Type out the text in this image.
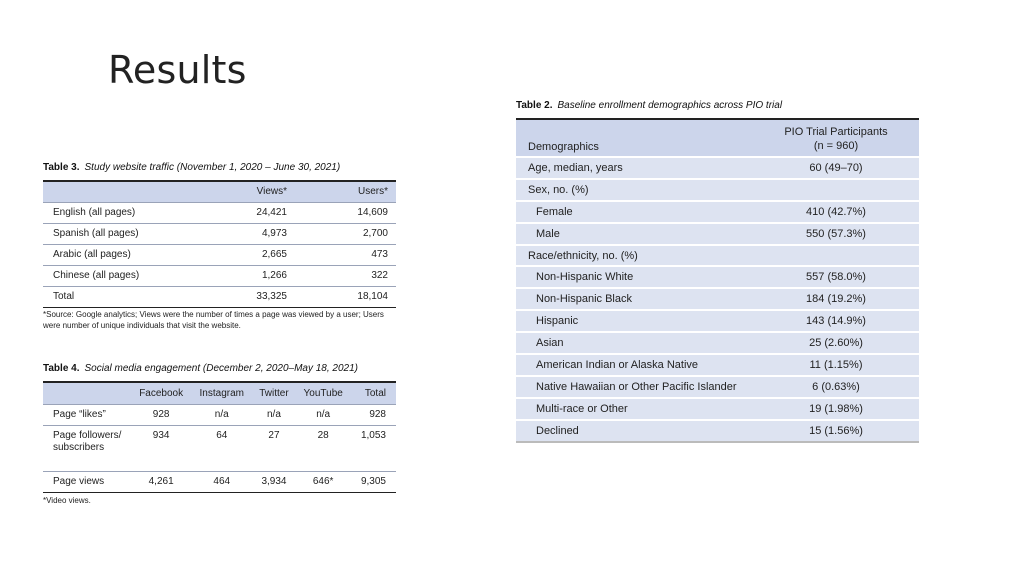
Results
Table 3. Study website traffic (November 1, 2020 – June 30, 2021)
	Views*	Users*
English (all pages)	24,421	14,609
Spanish (all pages)	4,973	2,700
Arabic (all pages)	2,665	473
Chinese (all pages)	1,266	322
Total	33,325	18,104
*Source: Google analytics; Views were the number of times a page was viewed by a user; Users
were number of unique individuals that visit the website.
Table 4. Social media engagement (December 2, 2020–May 18, 2021)
	Facebook	Instagram	Twitter	YouTube	Total
Page “likes”	928	n/a	n/a	n/a	928
Page followers/ subscribers	934	64	27	28	1,053
Page views	4,261	464	3,934	646*	9,305
*Video views.
Table 2. Baseline enrollment demographics across PIO trial
Demographics	PIO Trial Participants
(n = 960)

Age, median, years	60 (49–70)
Sex, no. (%)	
Female	410 (42.7%)
Male	550 (57.3%)
Race/ethnicity, no. (%)	
Non-Hispanic White	557 (58.0%)
Non-Hispanic Black	184 (19.2%)
Hispanic	143 (14.9%)
Asian	25 (2.60%)
American Indian or Alaska Native	11 (1.15%)
Native Hawaiian or Other Pacific Islander	6 (0.63%)
Multi-race or Other	19 (1.98%)
Declined	15 (1.56%)
